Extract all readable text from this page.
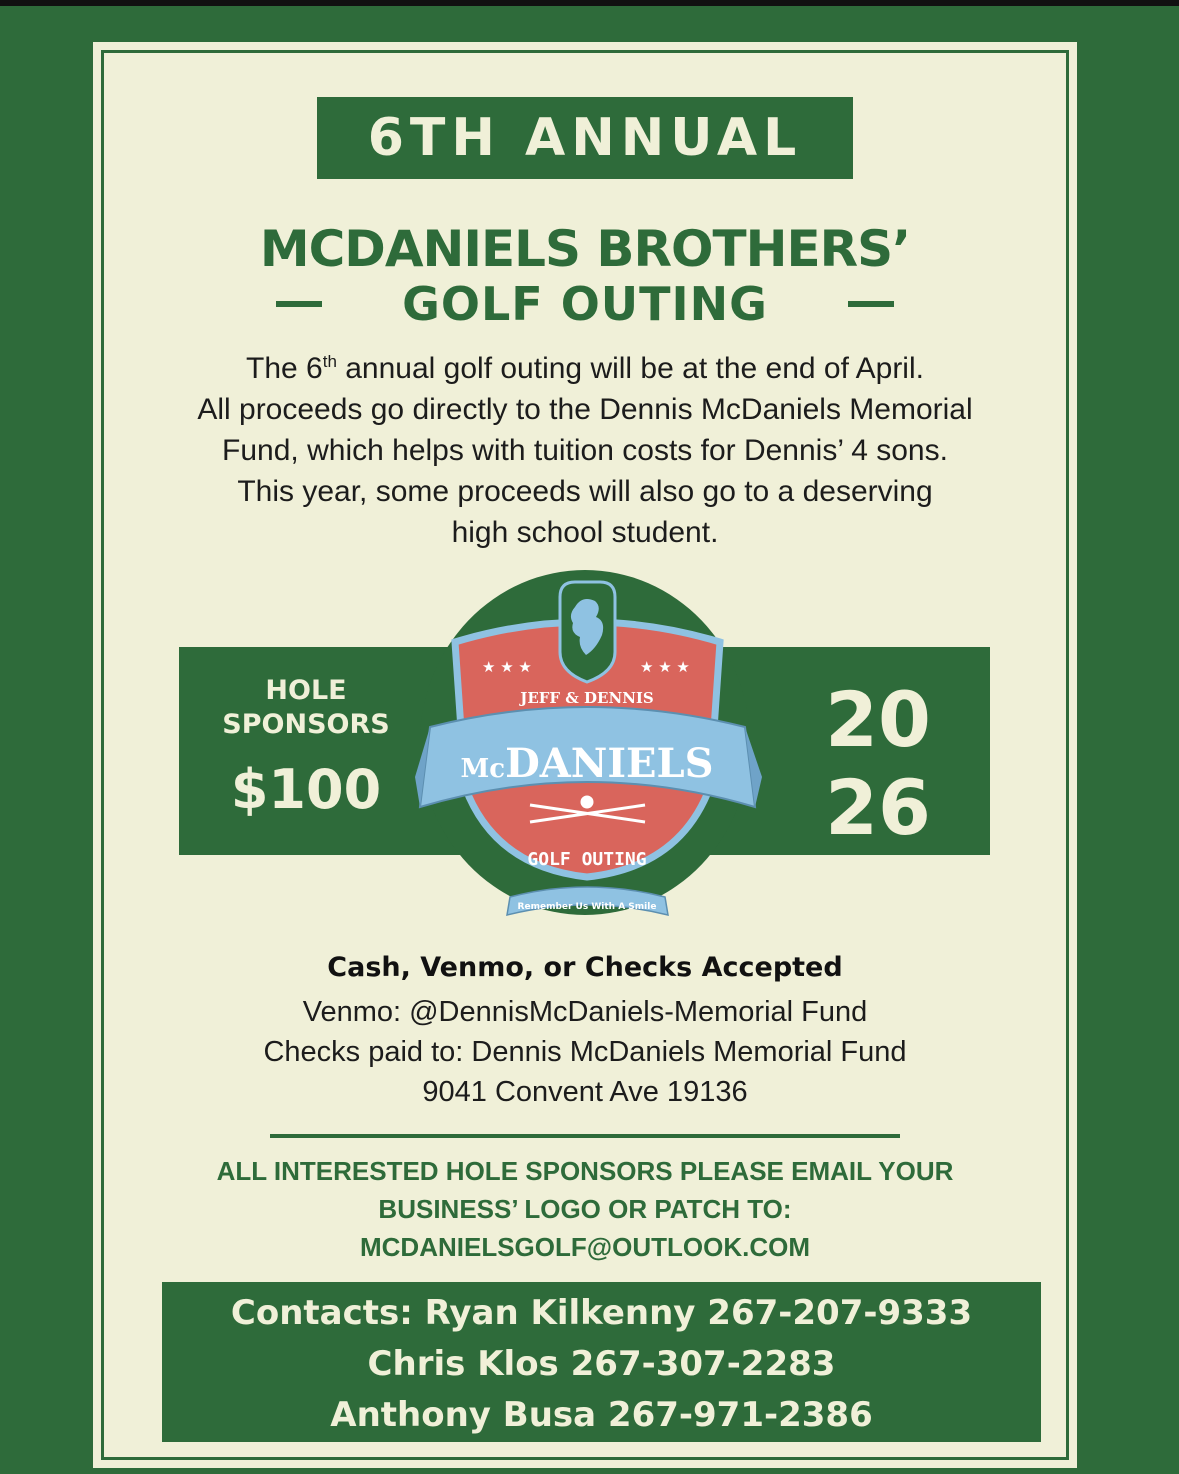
6TH ANNUAL
MCDANIELS BROTHERS’
GOLF OUTING
The 6th annual golf outing will be at the end of April.
All proceeds go directly to the Dennis McDaniels Memorial
Fund, which helps with tuition costs for Dennis’ 4 sons.
This year, some proceeds will also go to a deserving
high school student.
HOLE
SPONSORS
$100
20
26
★ ★ ★	★ ★ ★
JEFF & DENNIS
McDANIELS
GOLF OUTING
Remember Us With A Smile
Cash, Venmo, or Checks Accepted
Venmo: @DennisMcDaniels-Memorial Fund
Checks paid to: Dennis McDaniels Memorial Fund
9041 Convent Ave 19136
ALL INTERESTED HOLE SPONSORS PLEASE EMAIL YOUR
BUSINESS’ LOGO OR PATCH TO:
MCDANIELSGOLF@OUTLOOK.COM
Contacts: Ryan Kilkenny 267-207-9333
Chris Klos 267-307-2283
Anthony Busa 267-971-2386
